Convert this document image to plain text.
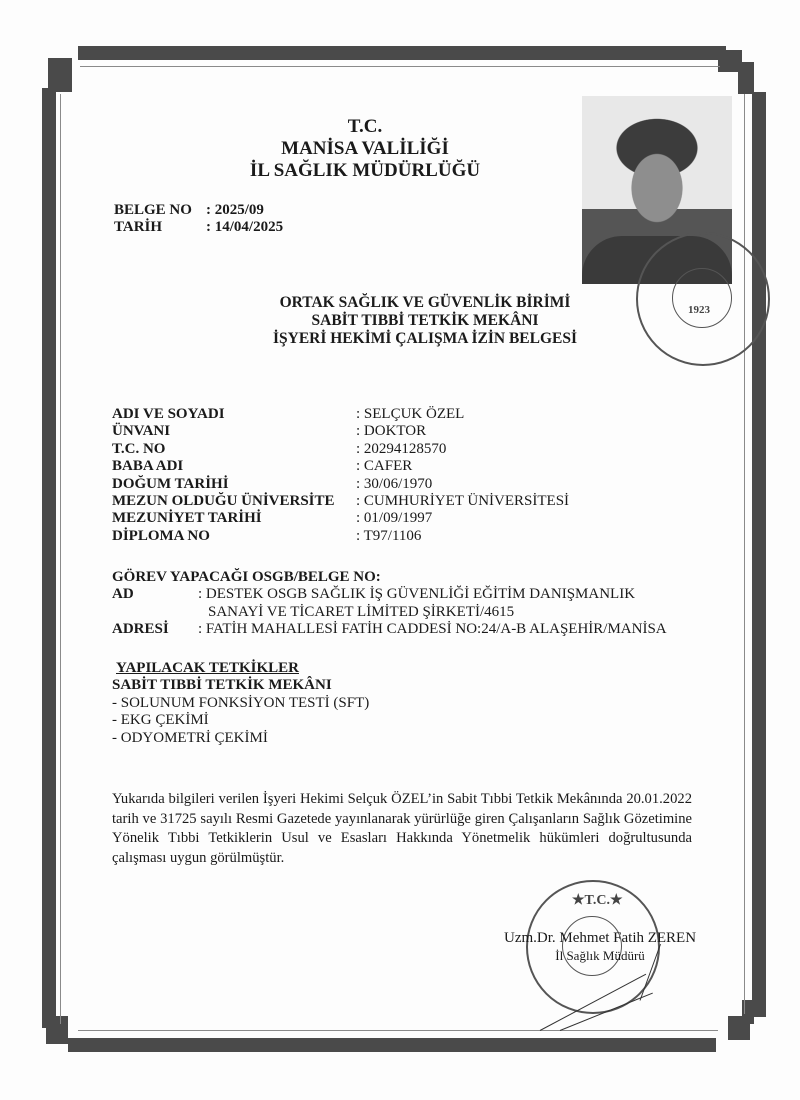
T.C.
MANİSA VALİLİĞİ
İL SAĞLIK MÜDÜRLÜĞÜ
1923
BELGE NO : 2025/09
TARİH	: 14/04/2025
ORTAK SAĞLIK VE GÜVENLİK BİRİMİ
SABİT TIBBİ TETKİK MEKÂNI
İŞYERİ HEKİMİ ÇALIŞMA İZİN BELGESİ
ADI VE SOYADI	: SELÇUK ÖZEL
ÜNVANI	: DOKTOR
T.C. NO	: 20294128570
BABA ADI	: CAFER
DOĞUM TARİHİ	: 30/06/1970
MEZUN OLDUĞU ÜNİVERSİTE	: CUMHURİYET ÜNİVERSİTESİ
MEZUNİYET TARİHİ	: 01/09/1997
DİPLOMA NO	: T97/1106
GÖREV YAPACAĞI OSGB/BELGE NO:
AD	: DESTEK OSGB SAĞLIK İŞ GÜVENLİĞİ EĞİTİM DANIŞMANLIK
SANAYİ VE TİCARET LİMİTED ŞİRKETİ/4615
ADRESİ	: FATİH MAHALLESİ FATİH CADDESİ NO:24/A-B ALAŞEHİR/MANİSA
YAPILACAK TETKİKLER
SABİT TIBBİ TETKİK MEKÂNI
- SOLUNUM FONKSİYON TESTİ (SFT)
- EKG ÇEKİMİ
- ODYOMETRİ ÇEKİMİ
Yukarıda bilgileri verilen İşyeri Hekimi Selçuk ÖZEL’in Sabit Tıbbi Tetkik Mekânında 20.01.2022 tarih ve 31725 sayılı Resmi Gazetede yayınlanarak yürürlüğe giren Çalışanların Sağlık Gözetimine Yönelik Tıbbi Tetkiklerin Usul ve Esasları Hakkında Yönetmelik hükümleri doğrultusunda çalışması uygun görülmüştür.
★T.C.★
Uzm.Dr. Mehmet Fatih ZEREN
İl Sağlık Müdürü
